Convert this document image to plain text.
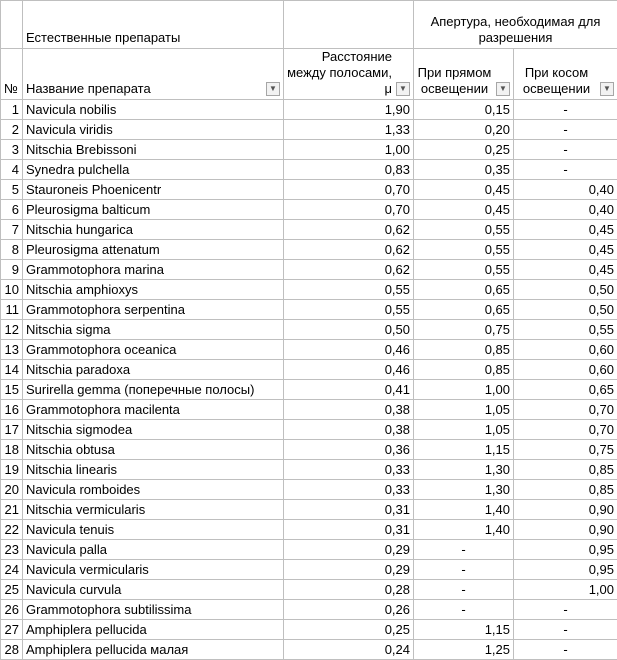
	Естественные препараты		Апертура, необходимая для разрешения	
№	Название препарата ▼	Расстояние между полосами, μ ▼	При прямом освещении ▼	При косом освещении ▼

1	Navicula nobilis	1,90	0,15	-
2	Navicula viridis	1,33	0,20	-
3	Nitschia Brebissoni	1,00	0,25	-
4	Synedra pulchella	0,83	0,35	-
5	Stauroneis Phoenicentr	0,70	0,45	0,40
6	Pleurosigma balticum	0,70	0,45	0,40
7	Nitschia hungarica	0,62	0,55	0,45
8	Pleurosigma attenatum	0,62	0,55	0,45
9	Grammotophora marina	0,62	0,55	0,45
10	Nitschia amphioxys	0,55	0,65	0,50
11	Grammotophora serpentina	0,55	0,65	0,50
12	Nitschia sigma	0,50	0,75	0,55
13	Grammotophora oceanica	0,46	0,85	0,60
14	Nitschia paradoxa	0,46	0,85	0,60
15	Surirella gemma (поперечные полосы)	0,41	1,00	0,65
16	Grammotophora macilenta	0,38	1,05	0,70
17	Nitschia sigmodea	0,38	1,05	0,70
18	Nitschia obtusa	0,36	1,15	0,75
19	Nitschia linearis	0,33	1,30	0,85
20	Navicula romboides	0,33	1,30	0,85
21	Nitschia vermicularis	0,31	1,40	0,90
22	Navicula tenuis	0,31	1,40	0,90
23	Navicula palla	0,29	-	0,95
24	Navicula vermicularis	0,29	-	0,95
25	Navicula curvula	0,28	-	1,00
26	Grammotophora subtilissima	0,26	-	-
27	Amphiplera pellucida	0,25	1,15	-
28	Amphiplera pellucida малая	0,24	1,25	-
